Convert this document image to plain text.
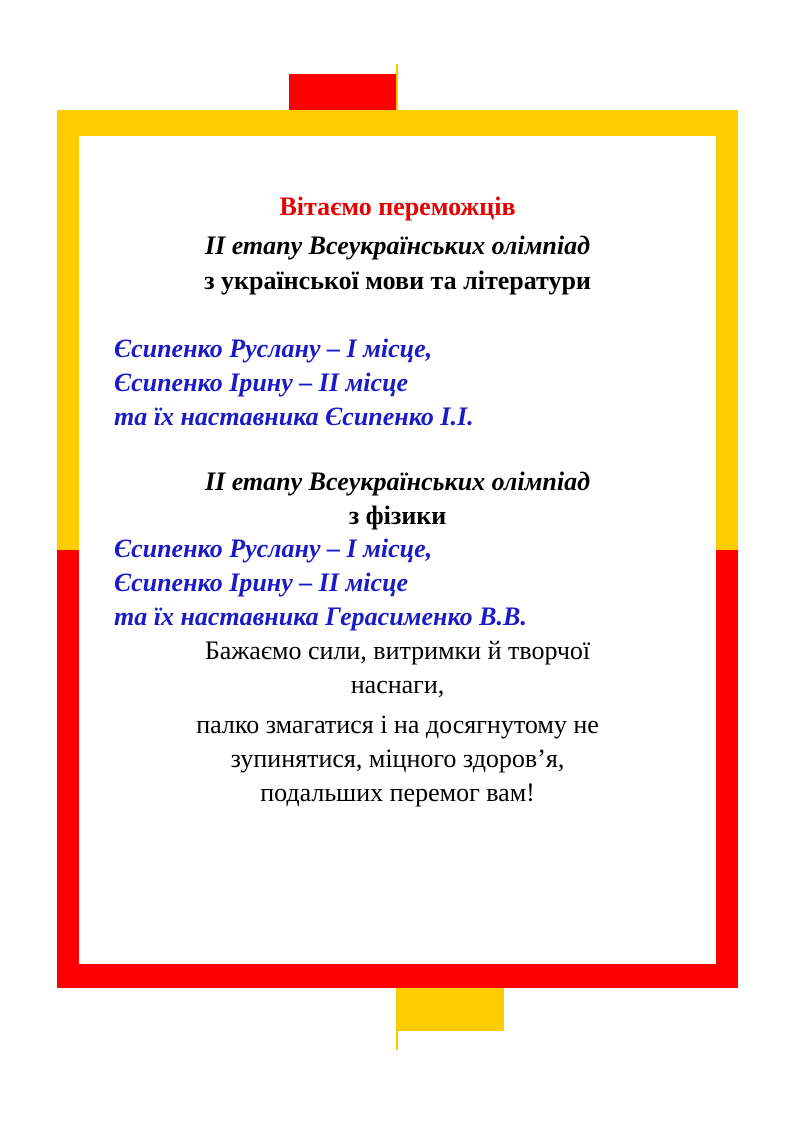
Вітаємо переможців

ІІ етапу Всеукраїнських олімпіад

з української мови та літератури

Єсипенко Руслану – І місце,

Єсипенко Ірину – ІІ місце

та їх наставника Єсипенко І.І.

ІІ етапу Всеукраїнських олімпіад

з фізики

Єсипенко Руслану – І місце,

Єсипенко Ірину – ІІ місце

та їх наставника Герасименко В.В.

Бажаємо сили, витримки й творчої

наснаги,

палко змагатися і на досягнутому не

зупинятися, міцного здоров’я,

подальших перемог вам!
